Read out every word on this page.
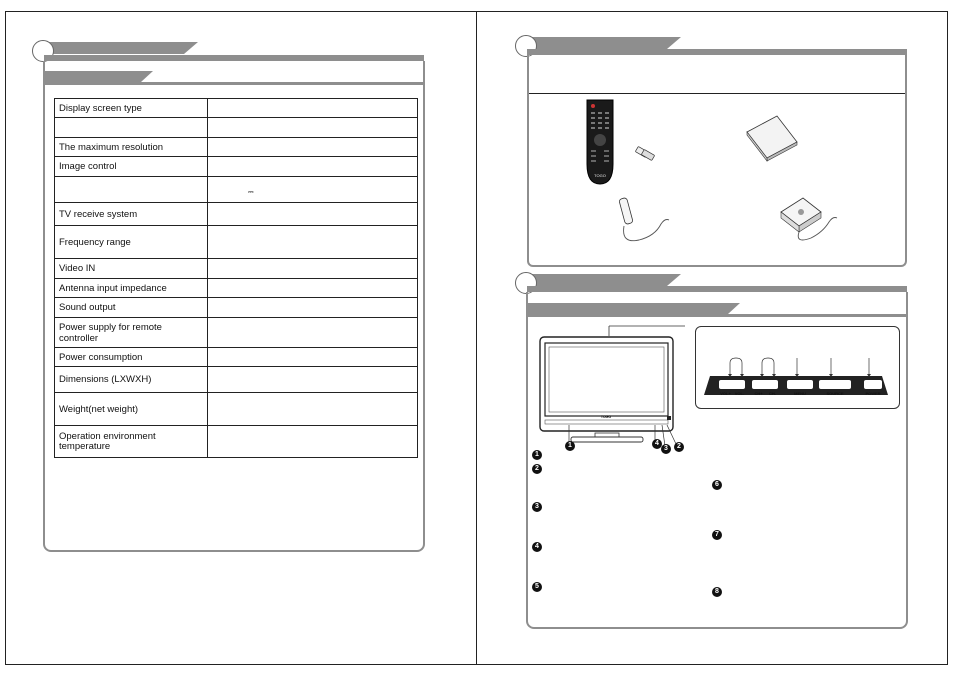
Display screen type	

The maximum resolution	
Image control	
	⎓
TV receive system	
Frequency range	
Video IN	
Antenna input impedance	
Sound output	
Power supply for remote controller	
Power consumption	
Dimensions (LXWXH)	
Weight(net weight)	
Operation environment temperature	
TOGO
TOGO
1	4
3	2
VOL+ VOL-	CH+	CH-	MENU	SOURCE	POWER
1
2
3
4
5
6
7
8
